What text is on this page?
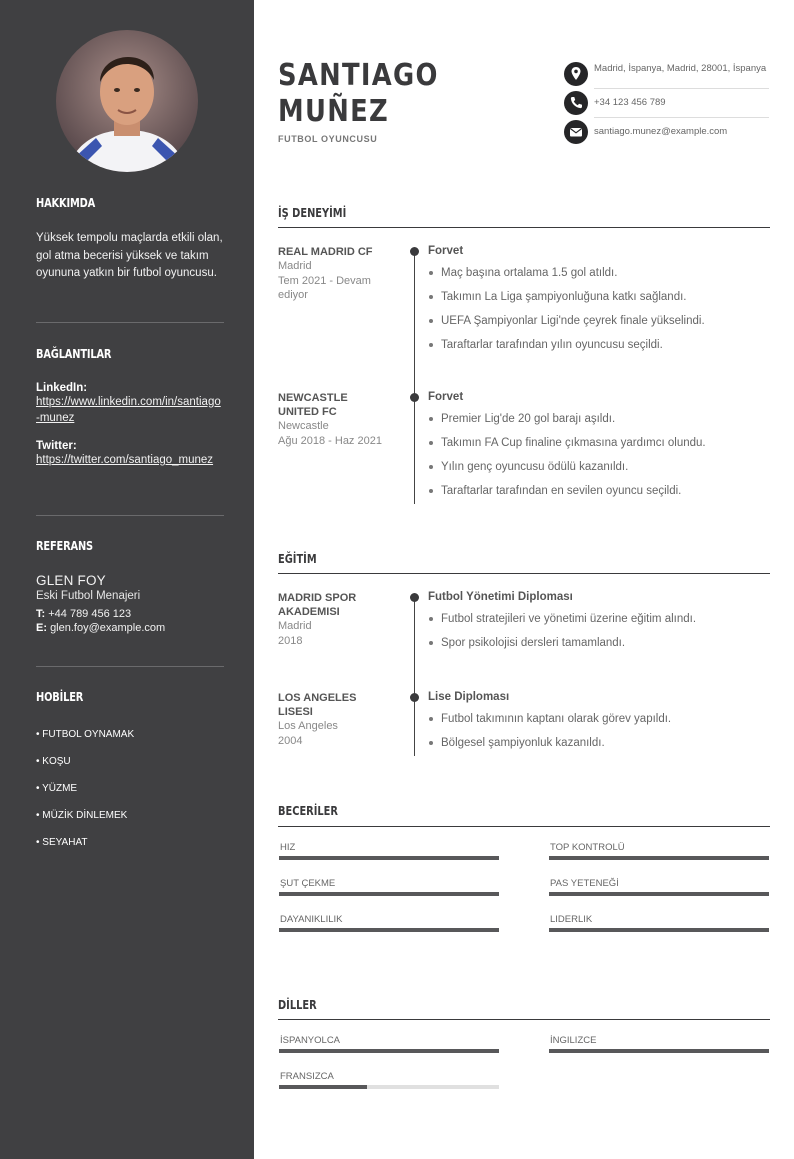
HAKKIMDA
Yüksek tempolu maçlarda etkili olan, gol atma becerisi yüksek ve takım oyununa yatkın bir futbol oyuncusu.
BAĞLANTILAR
LinkedIn:
https://www.linkedin.com/in/santiago-munez
Twitter:
https://twitter.com/santiago_munez
REFERANS
GLEN FOY
Eski Futbol Menajeri
T: +44 789 456 123
E: glen.foy@example.com
HOBİLER
• FUTBOL OYNAMAK
• KOŞU
• YÜZME
• MÜZİK DİNLEMEK
• SEYAHAT
SANTIAGO
MUÑEZ
FUTBOL OYUNCUSU
Madrid, İspanya, Madrid, 28001, İspanya
+34 123 456 789
santiago.munez@example.com
İŞ DENEYİMİ
REAL MADRID CF
Madrid
Tem 2021 - Devam ediyor
Forvet
Maç başına ortalama 1.5 gol atıldı.
Takımın La Liga şampiyonluğuna katkı sağlandı.
UEFA Şampiyonlar Ligi'nde çeyrek finale yükselindi.
Taraftarlar tarafından yılın oyuncusu seçildi.
NEWCASTLE UNITED FC
Newcastle
Ağu 2018 - Haz 2021
Forvet
Premier Lig'de 20 gol barajı aşıldı.
Takımın FA Cup finaline çıkmasına yardımcı olundu.
Yılın genç oyuncusu ödülü kazanıldı.
Taraftarlar tarafından en sevilen oyuncu seçildi.
EĞİTİM
MADRID SPOR AKADEMISI
Madrid
2018
Futbol Yönetimi Diploması
Futbol stratejileri ve yönetimi üzerine eğitim alındı.
Spor psikolojisi dersleri tamamlandı.
LOS ANGELES LISESI
Los Angeles
2004
Lise Diploması
Futbol takımının kaptanı olarak görev yapıldı.
Bölgesel şampiyonluk kazanıldı.
BECERİLER
HIZ	TOP KONTROLÜ
ŞUT ÇEKME	PAS YETENEĞİ
DAYANIKLILIK	LIDERLIK
DİLLER
İSPANYOLCA	İNGILIZCE
FRANSIZCA
